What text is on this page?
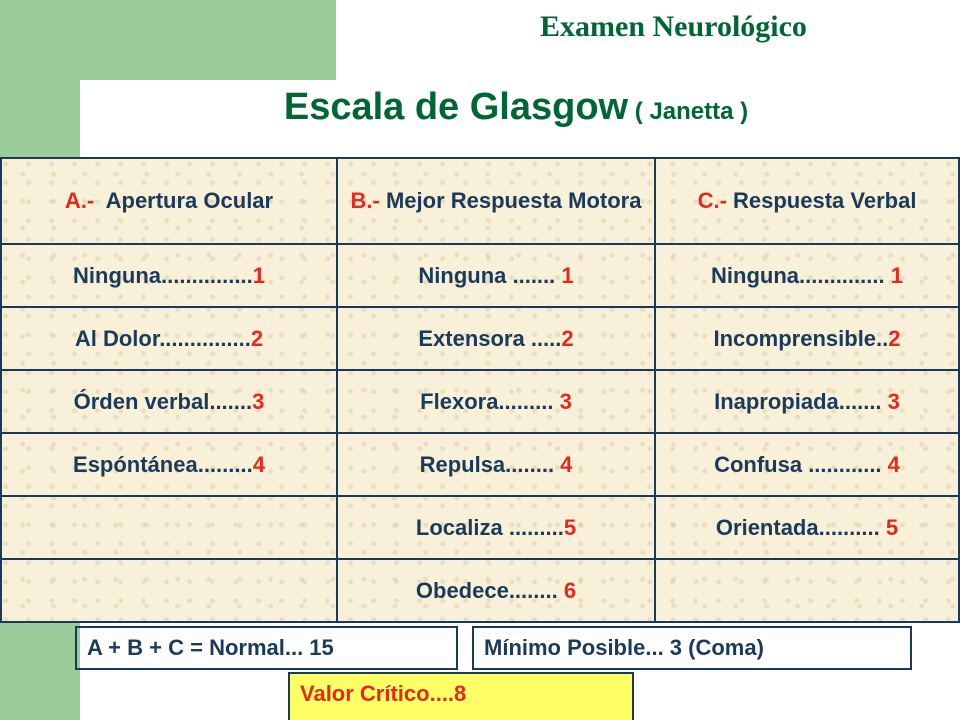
Examen Neurológico
Escala de Glasgow ( Janetta )
A.-  Apertura Ocular	B.- Mejor Respuesta Motora	C.- Respuesta Verbal
Ninguna...............1	Ninguna ....... 1	Ninguna.............. 1
Al Dolor...............2	Extensora .....2	Incomprensible..2
Órden verbal.......3	Flexora......... 3	Inapropiada....... 3
Espóntánea.........4	Repulsa........ 4	Confusa ............ 4
	Localiza .........5	Orientada.......... 5
	Obedece........ 6	
A + B + C = Normal... 15	Mínimo Posible... 3 (Coma)
Valor Crítico....8
